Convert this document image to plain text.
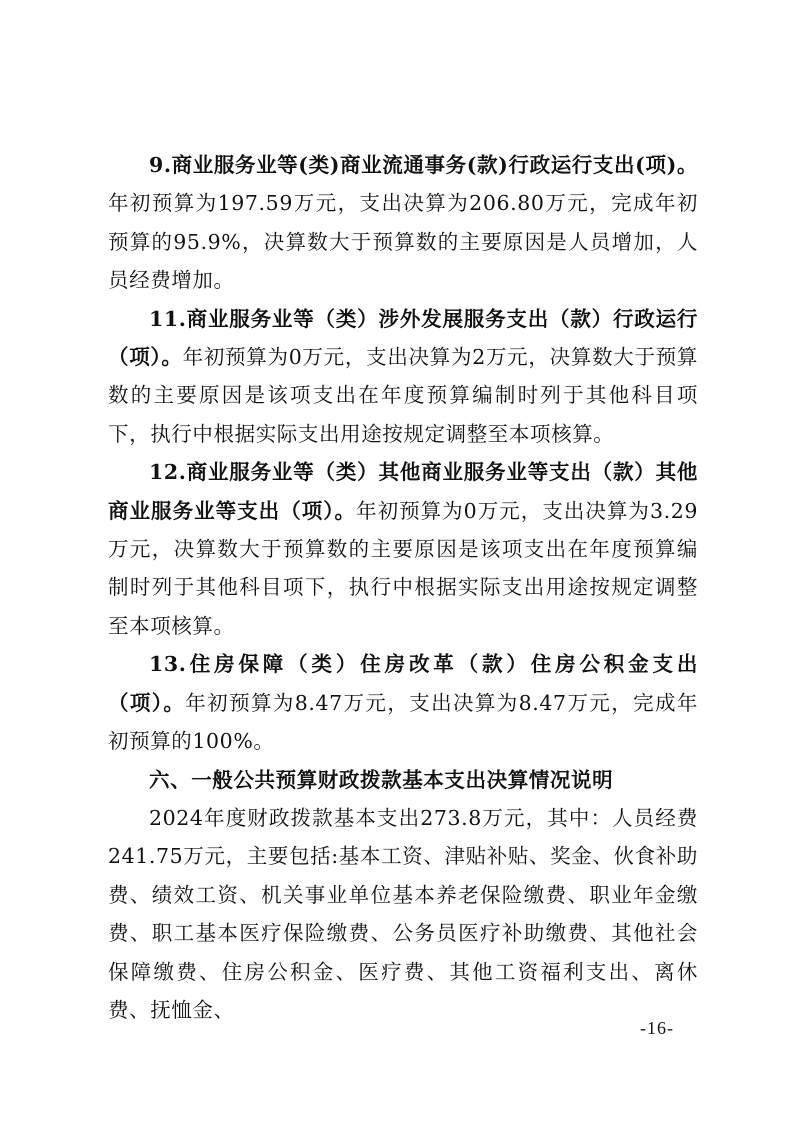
9.商业服务业等(类)商业流通事务(款)行政运行支出(项)。年初预算为197.59万元，支出决算为206.80万元，完成年初预算的95.9%，决算数大于预算数的主要原因是人员增加，人员经费增加。

11.商业服务业等（类）涉外发展服务支出（款）行政运行（项）。年初预算为0万元，支出决算为2万元，决算数大于预算数的主要原因是该项支出在年度预算编制时列于其他科目项下，执行中根据实际支出用途按规定调整至本项核算。

12.商业服务业等（类）其他商业服务业等支出（款）其他商业服务业等支出（项）。年初预算为0万元，支出决算为3.29万元，决算数大于预算数的主要原因是该项支出在年度预算编制时列于其他科目项下，执行中根据实际支出用途按规定调整至本项核算。

13.住房保障（类）住房改革（款）住房公积金支出（项）。年初预算为8.47万元，支出决算为8.47万元，完成年初预算的100%。

六、一般公共预算财政拨款基本支出决算情况说明

2024年度财政拨款基本支出273.8万元，其中：人员经费241.75万元，主要包括:基本工资、津贴补贴、奖金、伙食补助费、绩效工资、机关事业单位基本养老保险缴费、职业年金缴费、职工基本医疗保险缴费、公务员医疗补助缴费、其他社会保障缴费、住房公积金、医疗费、其他工资福利支出、离休费、抚恤金、

-16-
